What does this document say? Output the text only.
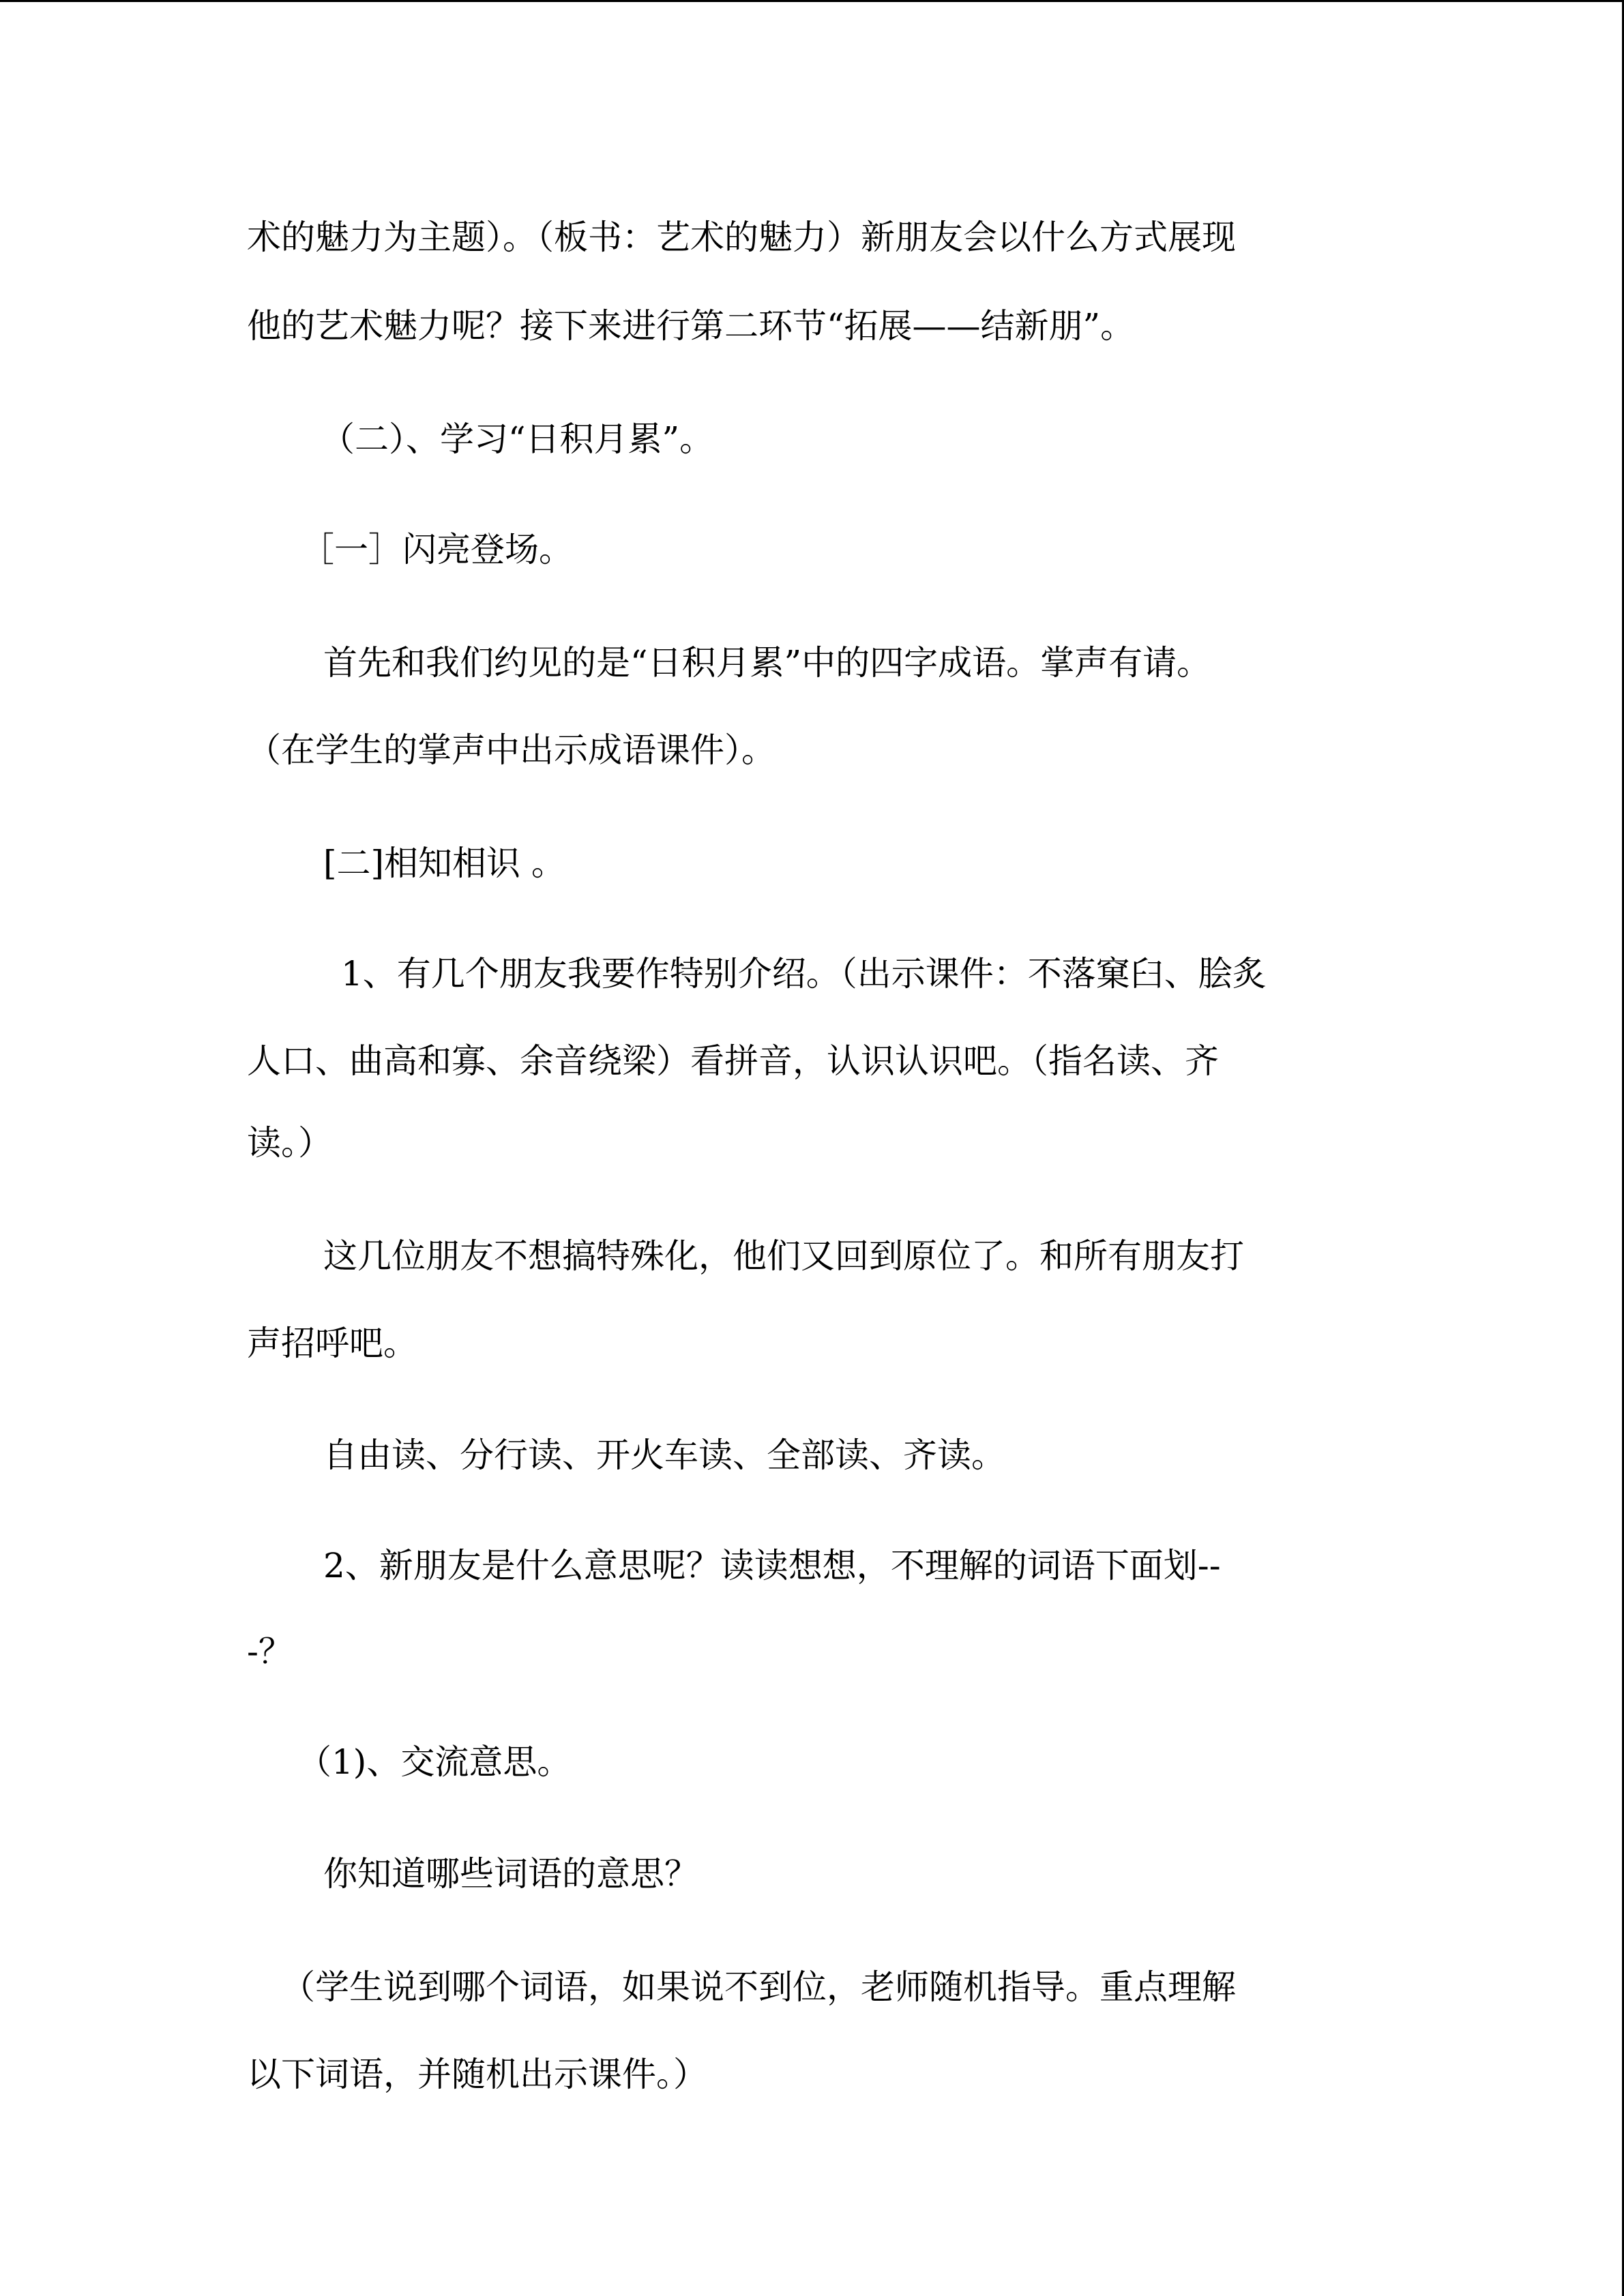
术的魅力为主题）。（板书：艺术的魅力）新朋友会以什么方式展现
他的艺术魅力呢？接下来进行第二环节“拓展——结新朋”。
（二）、学习“日积月累”。
［一］闪亮登场。
首先和我们约见的是“日积月累”中的四字成语。掌声有请。
（在学生的掌声中出示成语课件）。
[二]相知相识 。
1、有几个朋友我要作特别介绍。（出示课件：不落窠臼、脍炙
人口、曲高和寡、余音绕梁）看拼音，认识认识吧。（指名读、齐
读。）
这几位朋友不想搞特殊化，他们又回到原位了。和所有朋友打
声招呼吧。
自由读、分行读、开火车读、全部读、齐读。
2、新朋友是什么意思呢？读读想想，不理解的词语下面划--
-？
（1)、交流意思。
你知道哪些词语的意思？
（学生说到哪个词语，如果说不到位，老师随机指导。重点理解
以下词语，并随机出示课件。）
